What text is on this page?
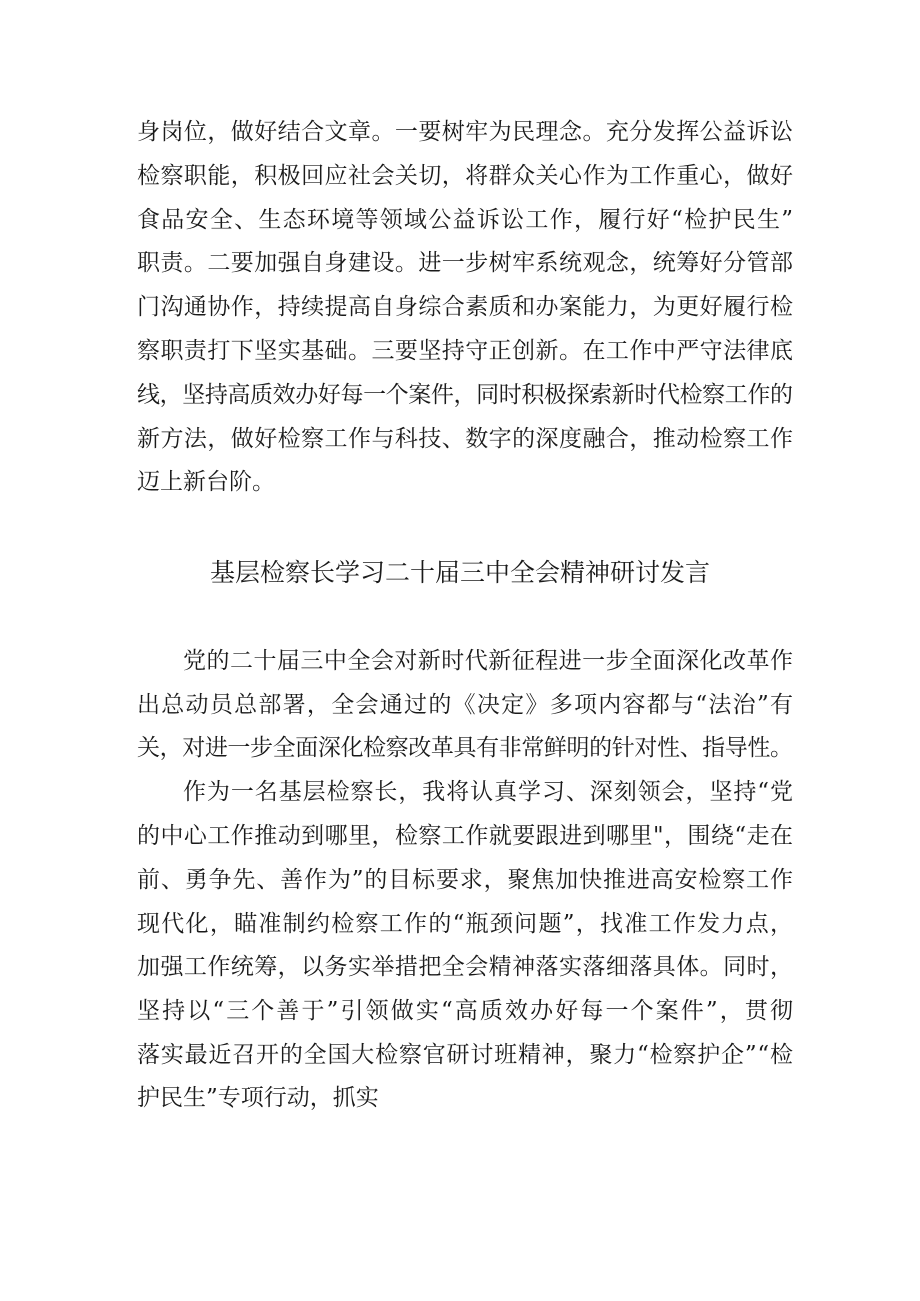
身岗位，做好结合文章。一要树牢为民理念。充分发挥公益诉讼

检察职能，积极回应社会关切，将群众关心作为工作重心，做好

食品安全、生态环境等领域公益诉讼工作，履行好“检护民生”

职责。二要加强自身建设。进一步树牢系统观念，统筹好分管部

门沟通协作，持续提高自身综合素质和办案能力，为更好履行检

察职责打下坚实基础。三要坚持守正创新。在工作中严守法律底

线，坚持高质效办好每一个案件，同时积极探索新时代检察工作的

新方法，做好检察工作与科技、数字的深度融合，推动检察工作

迈上新台阶。

基层检察长学习二十届三中全会精神研讨发言

党的二十届三中全会对新时代新征程进一步全面深化改革作

出总动员总部署，全会通过的《决定》多项内容都与“法治”有

关，对进一步全面深化检察改革具有非常鲜明的针对性、指导性。

作为一名基层检察长，我将认真学习、深刻领会，坚持“党

的中心工作推动到哪里，检察工作就要跟进到哪里"，围绕“走在

前、勇争先、善作为”的目标要求，聚焦加快推进高安检察工作

现代化，瞄准制约检察工作的“瓶颈问题”，找准工作发力点，

加强工作统筹，以务实举措把全会精神落实落细落具体。同时，

坚持以“三个善于”引领做实“高质效办好每一个案件”，贯彻

落实最近召开的全国大检察官研讨班精神，聚力“检察护企”“检

护民生”专项行动，抓实
